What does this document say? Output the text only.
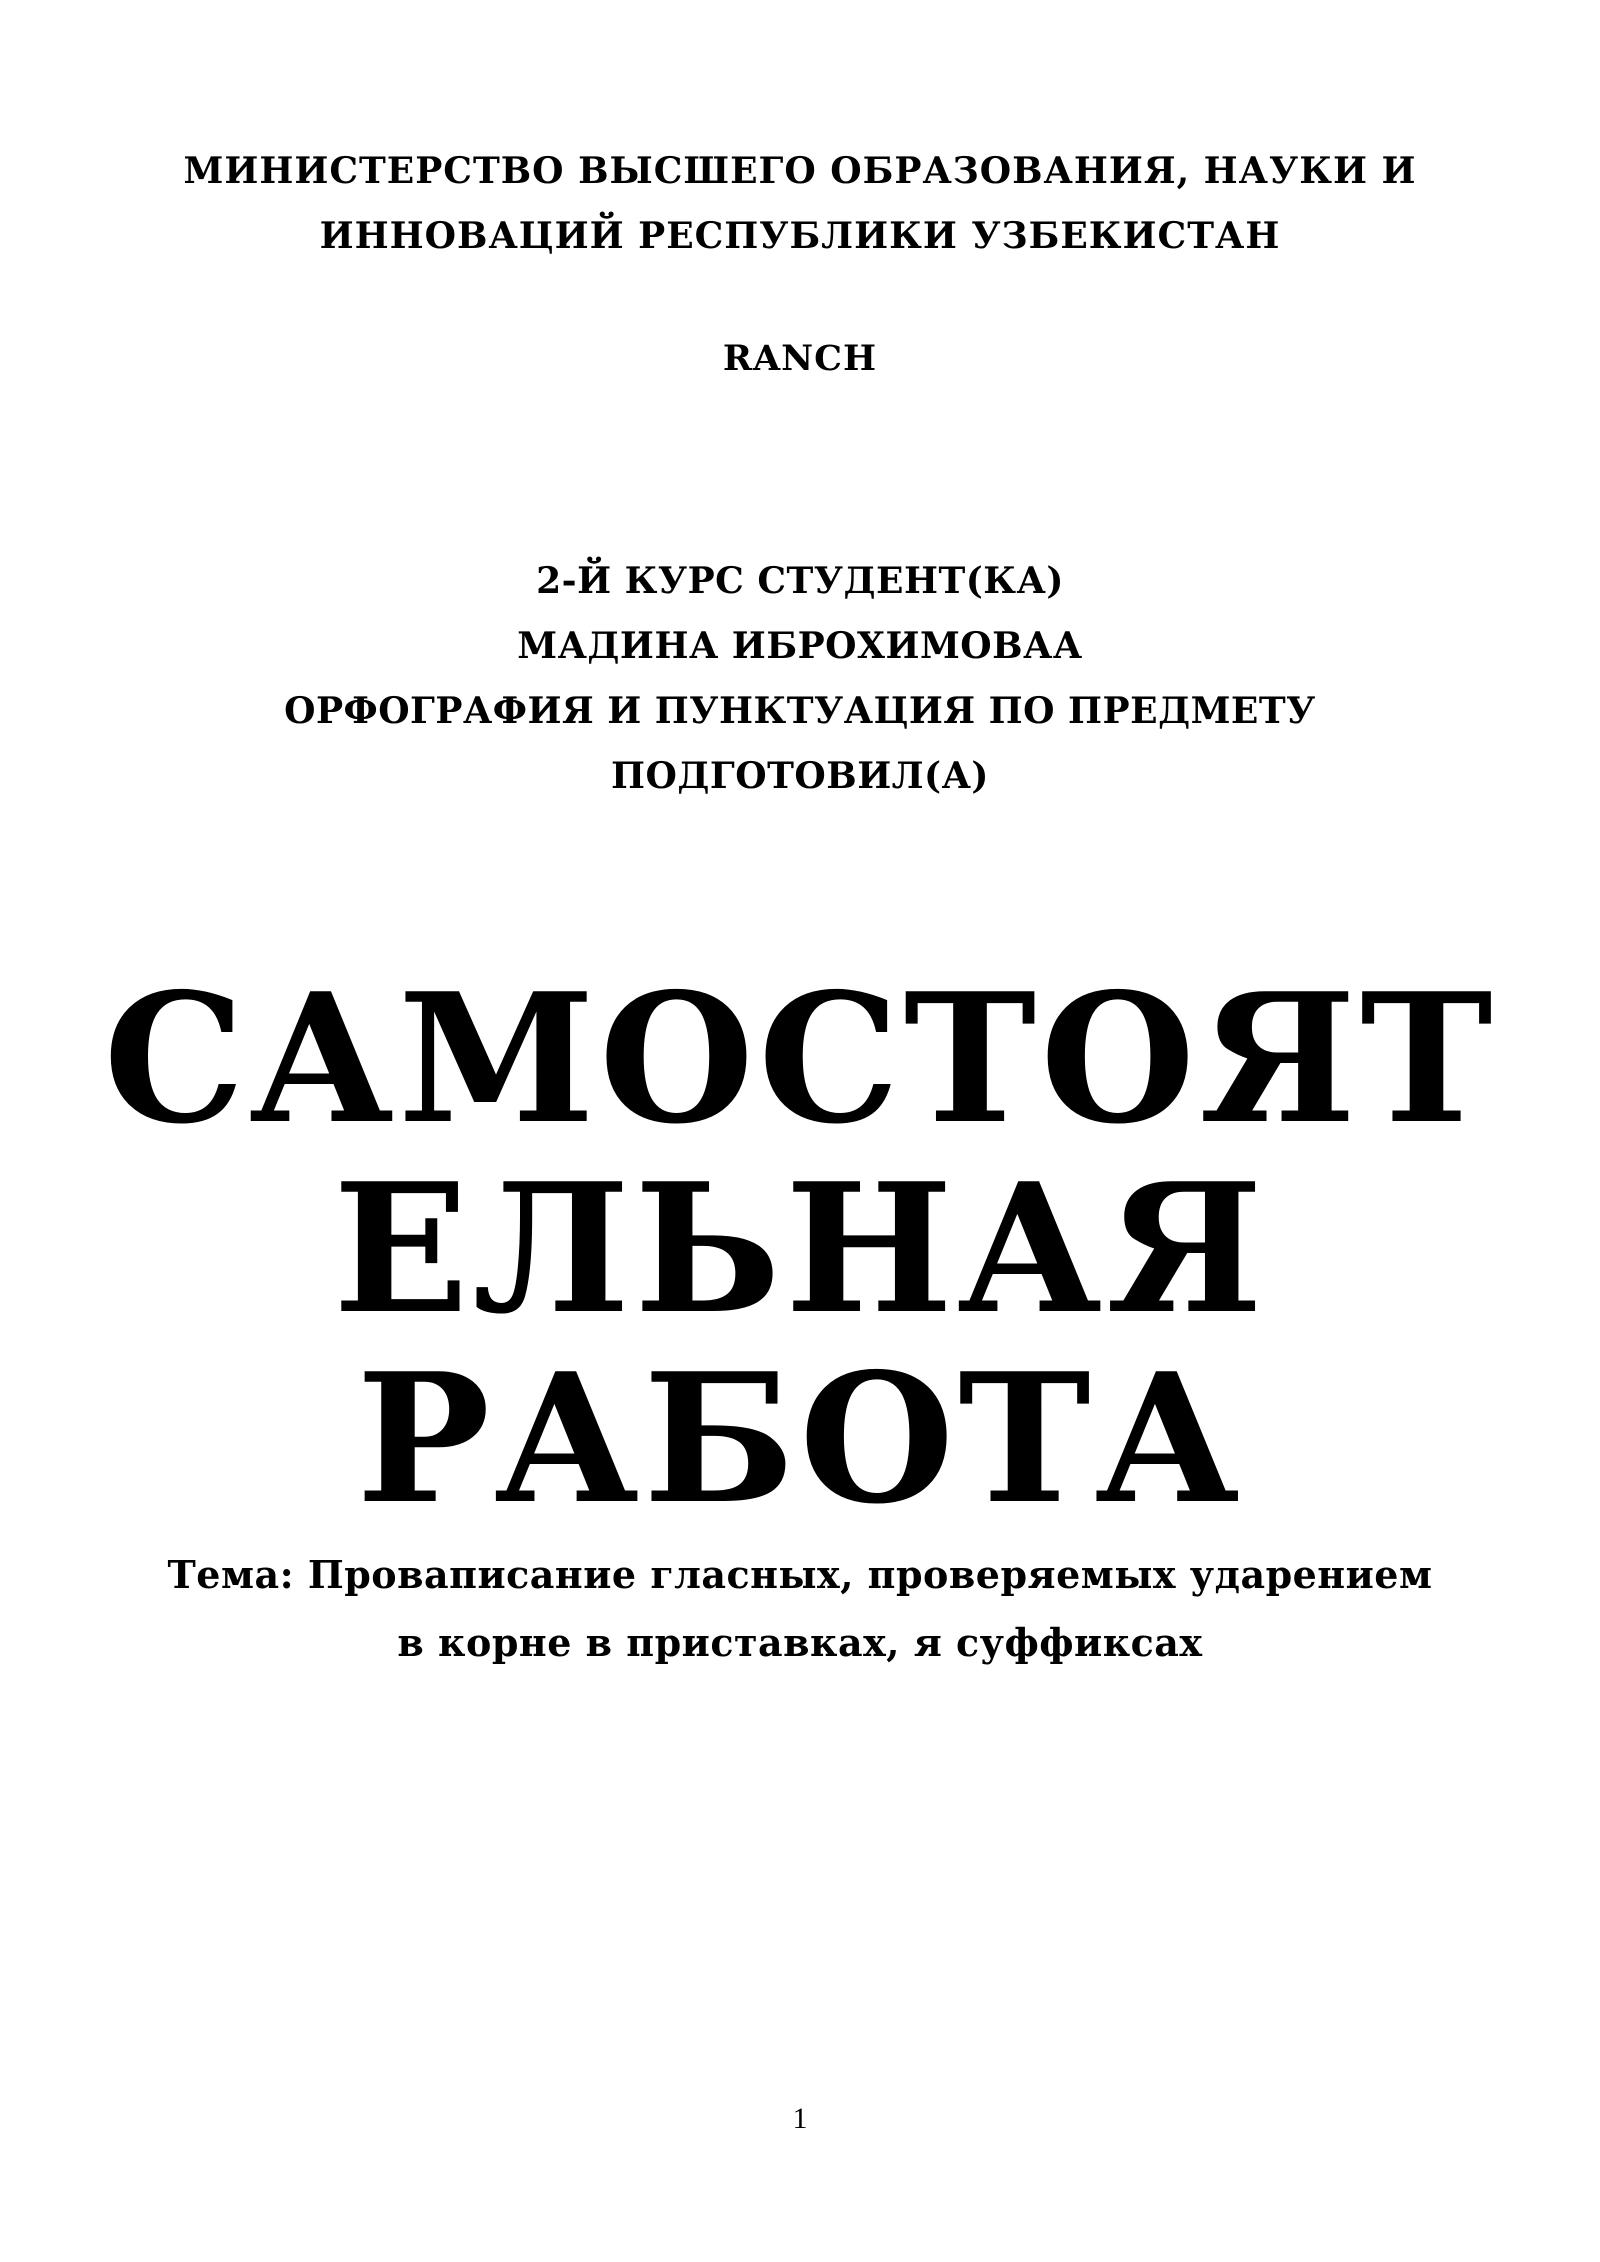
МИНИСТЕРСТВО ВЫСШЕГО ОБРАЗОВАНИЯ, НАУКИ И
ИННОВАЦИЙ РЕСПУБЛИКИ УЗБЕКИСТАН
RANCH
2-Й КУРС СТУДЕНТ(КА)
МАДИНА ИБРОХИМОВАА
ОРФОГРАФИЯ И ПУНКТУАЦИЯ ПО ПРЕДМЕТУ
ПОДГОТОВИЛ(А)
САМОСТОЯТ
ЕЛЬНАЯ
РАБОТА
Тема: Провaписание гласных, проверяемых ударением
в корне в приставках, я суффиксах
1
